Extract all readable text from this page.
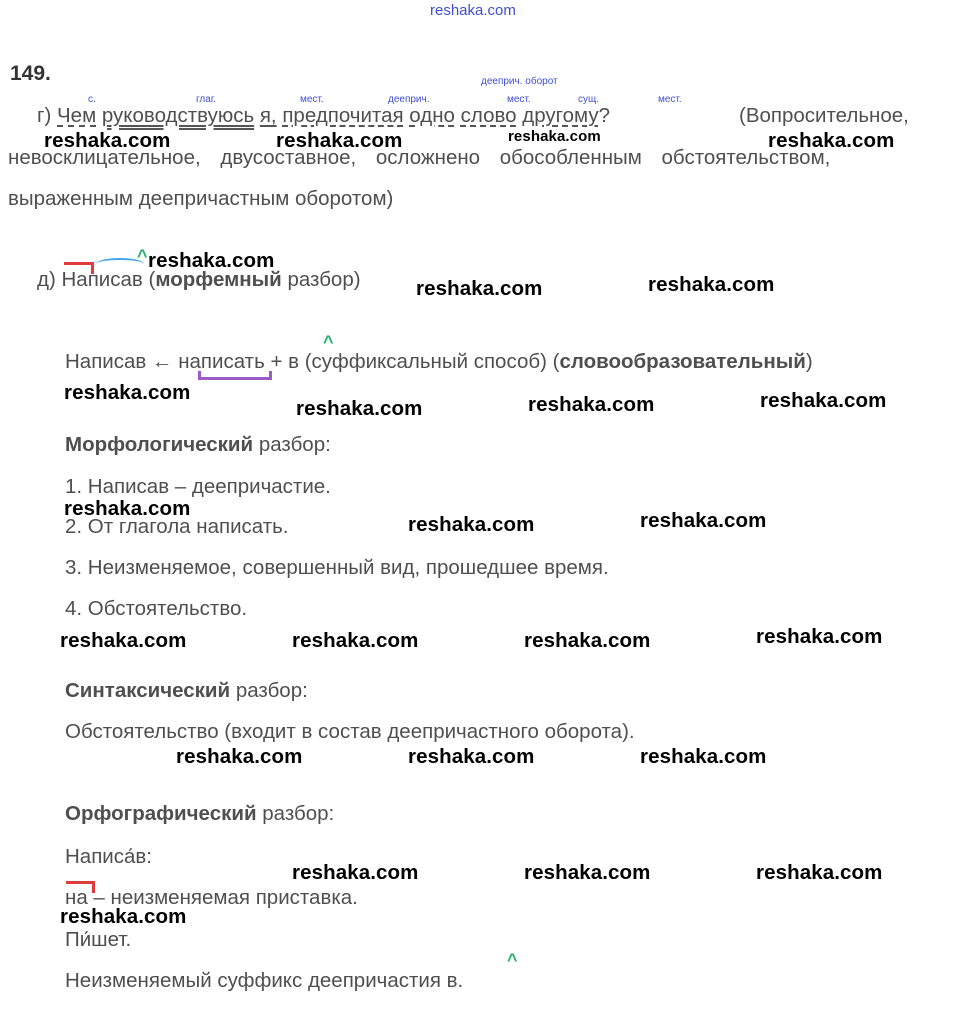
reshaka.com
149.	дееприч. оборот
с.	глаг.	мест.	дееприч.	мест.	сущ.	мест.
г) Чем руководствуюсь я, предпочитая одно слово другому?	(Вопросительное,
невосклицательное, двусоставное, осложнено обособленным обстоятельством,
выраженным деепричастным оборотом)
^
д) Написав (морфемный разбор)
^
Написав ← написать + в (суффиксальный способ) (словообразовательный)
Морфологический разбор:
1. Написав – деепричастие.
2. От глагола написать.
3. Неизменяемое, совершенный вид, прошедшее время.
4. Обстоятельство.
Синтаксический разбор:
Обстоятельство (входит в состав деепричастного оборота).
Орфографический разбор:
Написа́в:
на – неизменяемая приставка.
Пи́шет.
^
Неизменяемый суффикс деепричастия в.
reshaka.com	reshaka.com	reshaka.com	reshaka.com
reshaka.com
reshaka.com	reshaka.com
reshaka.com
reshaka.com	reshaka.com	reshaka.com
reshaka.com
reshaka.com	reshaka.com
reshaka.com	reshaka.com	reshaka.com	reshaka.com
reshaka.com	reshaka.com	reshaka.com
reshaka.com	reshaka.com	reshaka.com
reshaka.com
